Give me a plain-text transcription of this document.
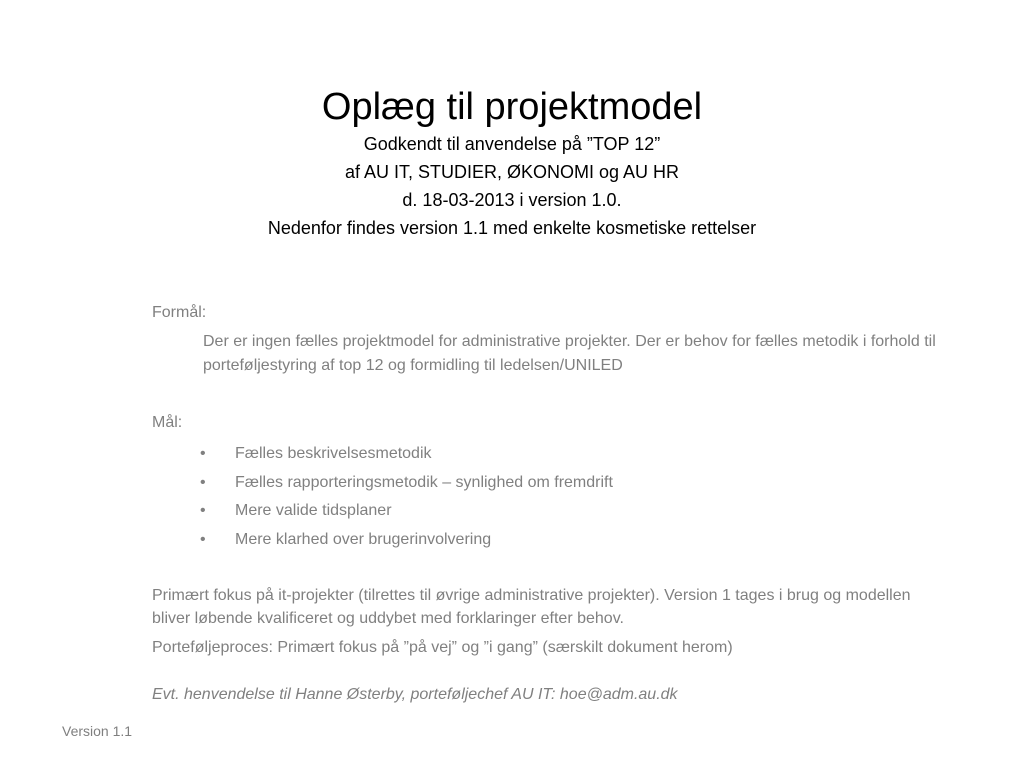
Oplæg til projektmodel

Godkendt til anvendelse på ”TOP 12”

af AU IT, STUDIER, ØKONOMI og AU HR

d. 18-03-2013 i version 1.0.

Nedenfor findes version 1.1 med enkelte kosmetiske rettelser

Formål:

Der er ingen fælles projektmodel for administrative projekter. Der er behov for fælles metodik i forhold til porteføljestyring af top 12 og formidling til ledelsen/UNILED

Mål:

• Fælles beskrivelsesmetodik
• Fælles rapporteringsmetodik – synlighed om fremdrift
• Mere valide tidsplaner
• Mere klarhed over brugerinvolvering

Primært fokus på it-projekter (tilrettes til øvrige administrative projekter). Version 1 tages i brug og modellen bliver løbende kvalificeret og uddybet med forklaringer efter behov.

Porteføljeproces: Primært fokus på ”på vej” og ”i gang” (særskilt dokument herom)

Evt. henvendelse til Hanne Østerby, porteføljechef AU IT: hoe@adm.au.dk

Version 1.1
